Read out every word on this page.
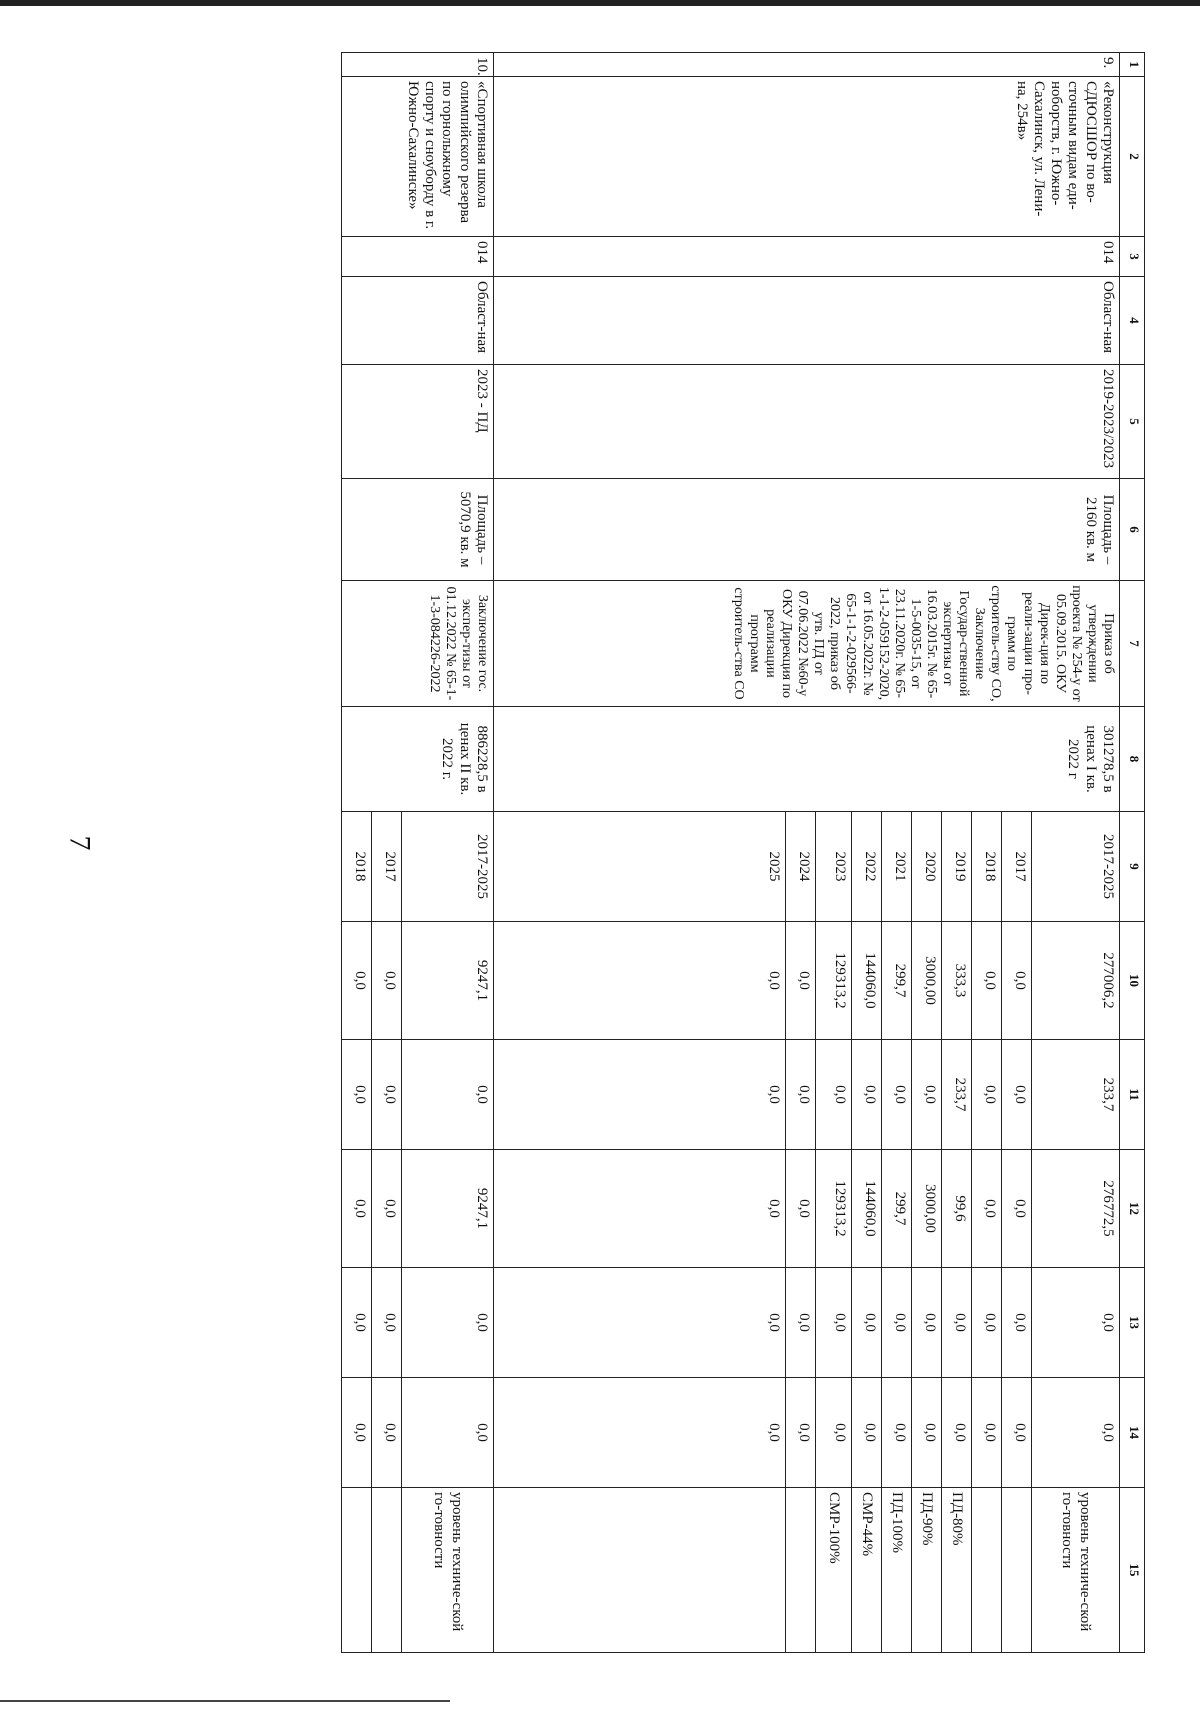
7
1	2	3	4	5	6	7	8	9	10	11	12	13	14	15
9.	«Реконструкция СДЮСШОР по во-сточным видам еди-ноборств, г. Южно-Сахалинск, ул. Лени-на, 254в»	014	Област-ная	2019-2023/2023	Площадь – 2160 кв. м	Приказ об утверждении проекта № 254-у от 05.09.2015. ОКУ Дирек-ция по реали-зации про-грамм по строитель-ству СО, Заключение Государ-ственной экспертизы от 16.03.2015г. № 65-1-5-0035-15, от 23.11.2020г. № 65-1-1-2-059152-2020, от 16.05.2022г. № 65-1-1-2-029566-2022, приказ об утв. ПД от 07.06.2022 №60-у ОКУ Дирекция по реализации программ строитель-ства СО	301278,5 в ценах I кв. 2022 г	2017-2025	277006,2	233,7	276772,5	0,0	0,0	уровень техниче-ской го-товности
								2017	0,0	0,0	0,0	0,0	0,0	
								2018	0,0	0,0	0,0	0,0	0,0	
								2019	333,3	233,7	99,6	0,0	0,0	ПД-80%
								2020	3000,00	0,0	3000,00	0,0	0,0	ПД-90%
								2021	299,7	0,0	299,7	0,0	0,0	ПД-100%
								2022	144060,0	0,0	144060,0	0,0	0,0	СМР-44%
								2023	129313,2	0,0	129313,2	0,0	0,0	СМР-100%
								2024	0,0	0,0	0,0	0,0	0,0	
								2025	0,0	0,0	0,0	0,0	0,0	
10.	«Спортивная школа олимпийского резерва по горнолыжному спорту и сноуборду в г. Южно-Сахалинске»	014	Област-ная	2023 - ПД	Площадь – 5070,9 кв. м	Заключение гос. экспер-тизы от 01.12.2022 № 65-1-1-3-084226-2022	886228,5 в ценах II кв. 2022 г.	2017-2025	9247,1	0,0	9247,1	0,0	0,0	уровень техниче-ской го-товности
								2017	0,0	0,0	0,0	0,0	0,0	
								2018	0,0	0,0	0,0	0,0	0,0	
